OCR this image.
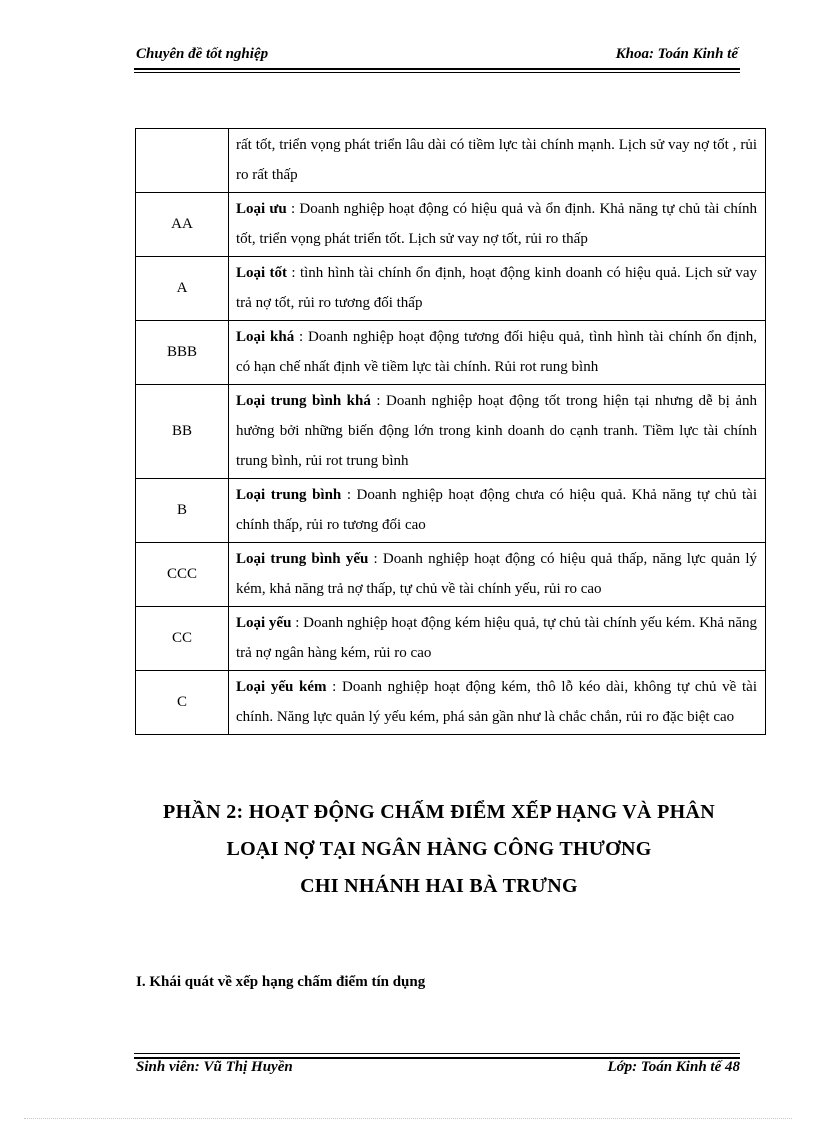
Chuyên đề tốt nghiệp	Khoa: Toán Kinh tế
	rất tốt, triển vọng phát triển lâu dài có tiềm lực tài chính mạnh. Lịch sử vay nợ tốt , rủi ro rất thấp
AA	Loại ưu : Doanh nghiệp hoạt động có hiệu quả và ổn định. Khả năng tự chủ tài chính tốt, triển vọng phát triển tốt. Lịch sử vay nợ tốt, rủi ro thấp
A	Loại tốt : tình hình tài chính ổn định, hoạt động kinh doanh có hiệu quả. Lịch sử vay trả nợ tốt, rủi ro tương đối thấp
BBB	Loại khá : Doanh nghiệp hoạt động tương đối hiệu quả, tình hình tài chính ổn định, có hạn chế nhất định về tiềm lực tài chính. Rủi rot rung bình
BB	Loại trung bình khá : Doanh nghiệp hoạt động tốt trong hiện tại nhưng dễ bị ảnh hưởng bởi những biến động lớn trong kinh doanh do cạnh tranh. Tiềm lực tài chính trung bình, rủi rot trung bình
B	Loại trung bình : Doanh nghiệp hoạt động chưa có hiệu quả. Khả năng tự chủ tài chính thấp, rủi ro tương đối cao
CCC	Loại trung bình yếu : Doanh nghiệp hoạt động có hiệu quả thấp, năng lực quản lý kém, khả năng trả nợ thấp, tự chủ về tài chính yếu, rủi ro cao
CC	Loại yếu : Doanh nghiệp hoạt động kém hiệu quả, tự chủ tài chính yếu kém. Khả năng trả nợ ngân hàng kém, rủi ro cao
C	Loại yếu kém : Doanh nghiệp hoạt động kém, thô lỗ kéo dài, không tự chủ về tài chính. Năng lực quản lý yếu kém, phá sản gần như là chắc chắn, rủi ro đặc biệt cao
PHẦN 2: HOẠT ĐỘNG CHẤM ĐIỂM XẾP HẠNG VÀ PHÂN
LOẠI NỢ TẠI NGÂN HÀNG CÔNG THƯƠNG
CHI NHÁNH HAI BÀ TRƯNG
I. Khái quát về xếp hạng chấm điểm tín dụng
Sinh viên: Vũ Thị Huyền	Lớp: Toán Kinh tế 48
